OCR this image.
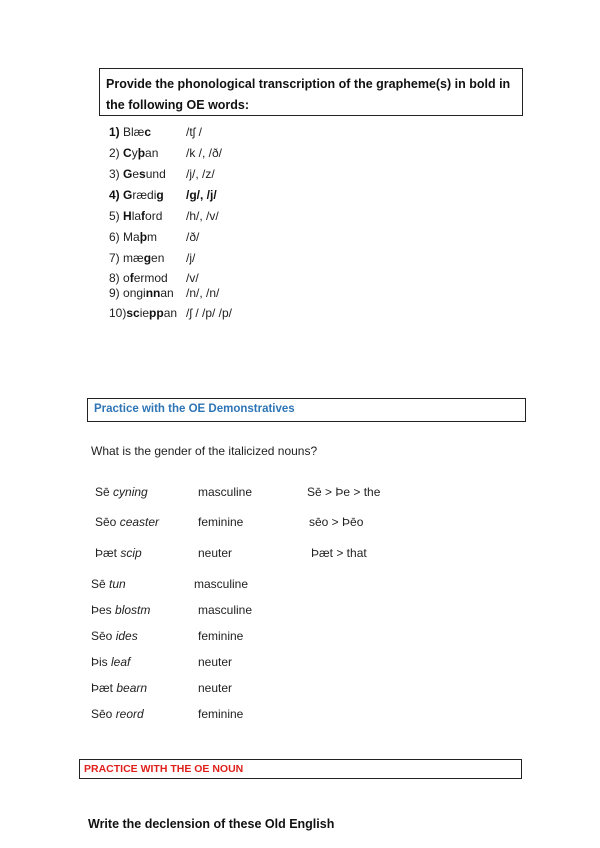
Provide the phonological transcription of the grapheme(s) in bold in the following OE words:
1) Blæc	/tʃ /
2) Cyþan /k /, /ð/
3) Gesund /j/, /z/
4) Grædig /g/, /j/
5) Hlaford /h/, /v/
6) Maþm /ð/
7) mægen /j/
8) ofermod /v/
9) onginnan /n/, /n/
10)scieppan /ʃ / /p/ /p/
Practice with the OE Demonstratives
What is the gender of the italicized nouns?
Sē cyning	masculine	Sē > Þe > the
Sēo ceaster	feminine	sēo > Þēo
Þæt scip	neuter	Þæt > that
Sē tun	masculine
Þes blostm	masculine
Sēo ides	feminine
Þis leaf	neuter
Þæt bearn	neuter
Sēo reord	feminine
PRACTICE WITH THE OE NOUN
Write the declension of these Old English
